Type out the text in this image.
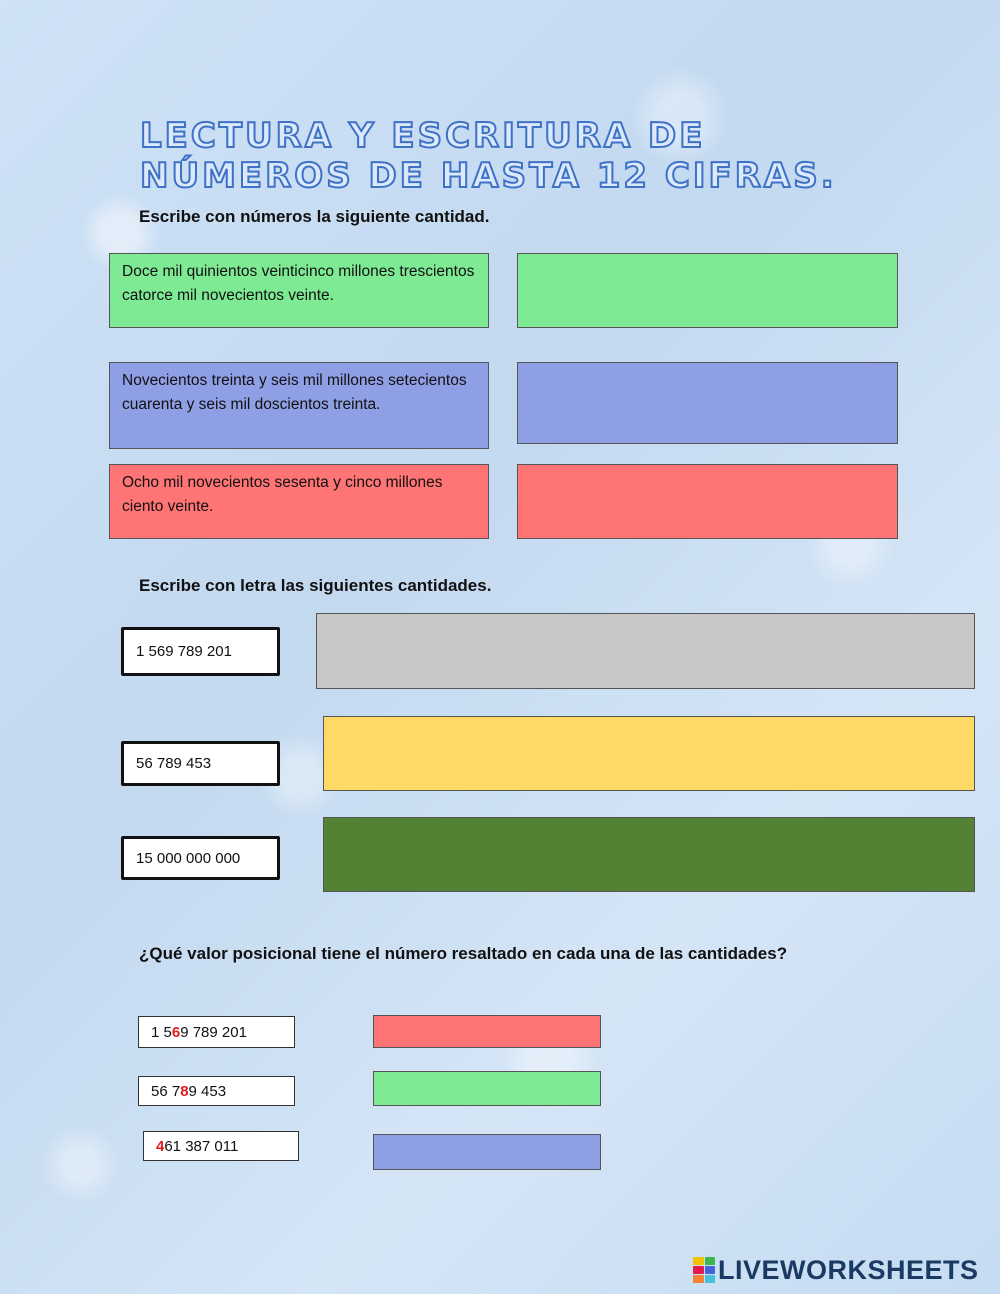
LECTURA Y ESCRITURA DE
NÚMEROS DE HASTA 12 CIFRAS.
Escribe con números la siguiente cantidad.
Doce mil quinientos veinticinco millones trescientos catorce mil novecientos veinte.
Novecientos treinta y seis mil millones setecientos cuarenta y seis mil doscientos treinta.
Ocho mil novecientos sesenta y cinco millones ciento veinte.
Escribe con letra las siguientes cantidades.
1 569 789 201
56 789 453
15 000 000 000
¿Qué valor posicional tiene el número resaltado en cada una de las cantidades?
1 5 6 9 789 201
56 7 8 9 453
4 61 387 011
LIVEWORKSHEETS
